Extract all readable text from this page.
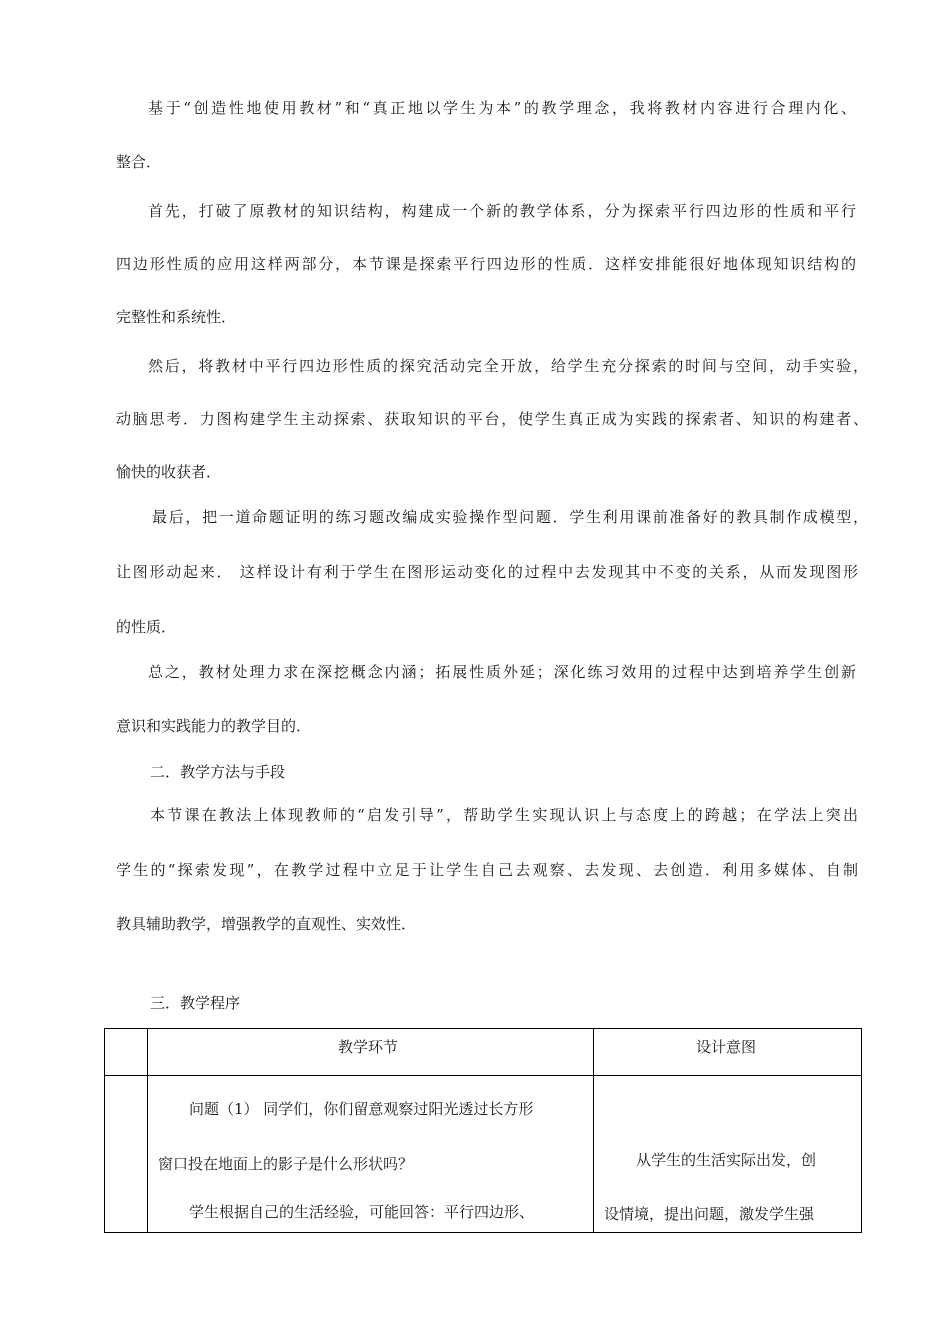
基于“创造性地使用教材”和“真正地以学生为本”的教学理念，我将教材内容进行合理内化、
整合．
首先，打破了原教材的知识结构，构建成一个新的教学体系，分为探索平行四边形的性质和平行
四边形性质的应用这样两部分，本节课是探索平行四边形的性质．这样安排能很好地体现知识结构的
完整性和系统性．
然后，将教材中平行四边形性质的探究活动完全开放，给学生充分探索的时间与空间，动手实验，
动脑思考．力图构建学生主动探索、获取知识的平台，使学生真正成为实践的探索者、知识的构建者、
愉快的收获者．
最后，把一道命题证明的练习题改编成实验操作型问题．学生利用课前准备好的教具制作成模型，
让图形动起来． 这样设计有利于学生在图形运动变化的过程中去发现其中不变的关系，从而发现图形
的性质．
总之，教材处理力求在深挖概念内涵；拓展性质外延；深化练习效用的过程中达到培养学生创新
意识和实践能力的教学目的．
二．教学方法与手段
本节课在教法上体现教师的“启发引导”，帮助学生实现认识上与态度上的跨越；在学法上突出
学生的“探索发现”，在教学过程中立足于让学生自己去观察、去发现、去创造．利用多媒体、自制
教具辅助教学，增强教学的直观性、实效性．
三．教学程序

	教学环节	设计意图

	问题（1） 同学们，你们留意观察过阳光透过长方形
窗口投在地面上的影子是什么形状吗？
学生根据自己的生活经验，可能回答：平行四边形、	从学生的生活实际出发，创
设情境，提出问题，激发学生强
